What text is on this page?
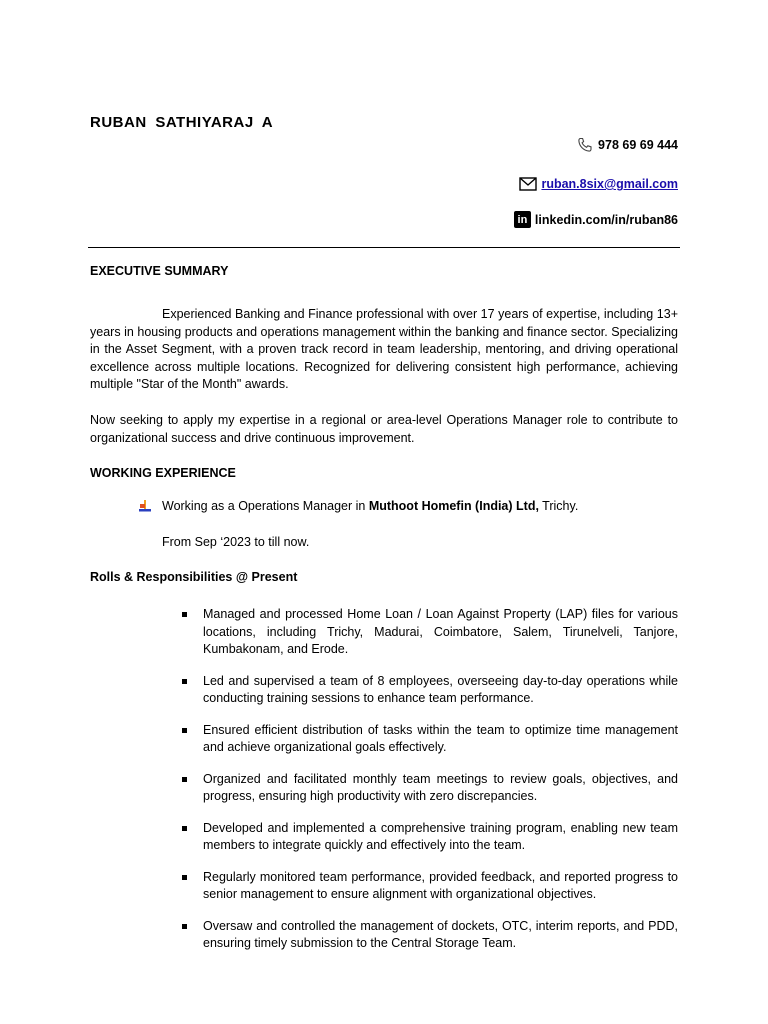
RUBAN SATHIYARAJ A
978 69 69 444
ruban.8six@gmail.com
in linkedin.com/in/ruban86
EXECUTIVE SUMMARY

Experienced Banking and Finance professional with over 17 years of expertise, including 13+ years in housing products and operations management within the banking and finance sector. Specializing in the Asset Segment, with a proven track record in team leadership, mentoring, and driving operational excellence across multiple locations. Recognized for delivering consistent high performance, achieving multiple "Star of the Month" awards.

Now seeking to apply my expertise in a regional or area-level Operations Manager role to contribute to organizational success and drive continuous improvement.

WORKING EXPERIENCE
Working as a Operations Manager in Muthoot Homefin (India) Ltd, Trichy.
From Sep ‘2023 to till now.
Rolls & Responsibilities @ Present
Managed and processed Home Loan / Loan Against Property (LAP) files for various locations, including Trichy, Madurai, Coimbatore, Salem, Tirunelveli, Tanjore, Kumbakonam, and Erode.
Led and supervised a team of 8 employees, overseeing day-to-day operations while conducting training sessions to enhance team performance.
Ensured efficient distribution of tasks within the team to optimize time management and achieve organizational goals effectively.
Organized and facilitated monthly team meetings to review goals, objectives, and progress, ensuring high productivity with zero discrepancies.
Developed and implemented a comprehensive training program, enabling new team members to integrate quickly and effectively into the team.
Regularly monitored team performance, provided feedback, and reported progress to senior management to ensure alignment with organizational objectives.
Oversaw and controlled the management of dockets, OTC, interim reports, and PDD, ensuring timely submission to the Central Storage Team.
